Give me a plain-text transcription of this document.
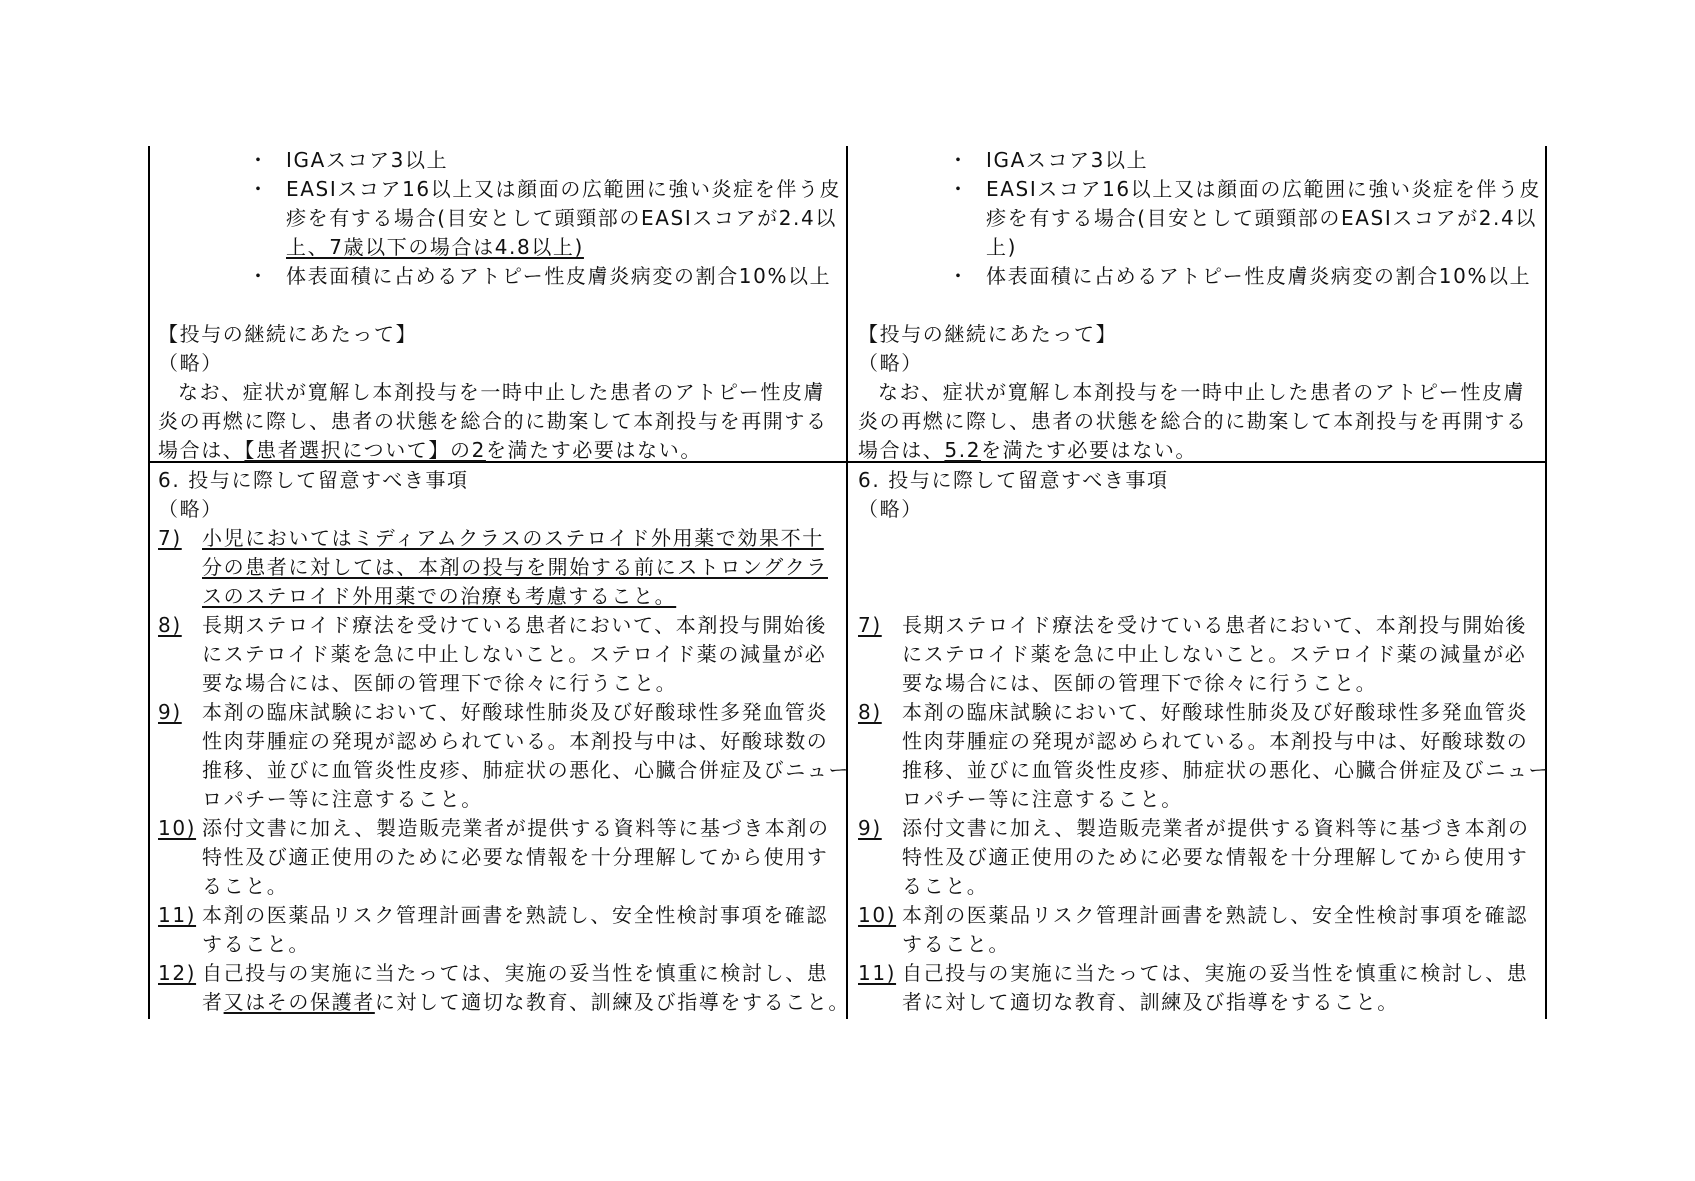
・ IGAスコア3以上
・ EASIスコア16以上又は顔面の広範囲に強い炎症を伴う皮
疹を有する場合(目安として頭頸部のEASIスコアが2.4以
上、7歳以下の場合は4.8以上)
・ 体表面積に占めるアトピー性皮膚炎病変の割合10%以上
【投与の継続にあたって】
（略）
なお、症状が寛解し本剤投与を一時中止した患者のアトピー性皮膚
炎の再燃に際し、患者の状態を総合的に勘案して本剤投与を再開する
場合は、【患者選択について】の2を満たす必要はない。
6. 投与に際して留意すべき事項
（略）
7) 小児においてはミディアムクラスのステロイド外用薬で効果不十
分の患者に対しては、本剤の投与を開始する前にストロングクラ
スのステロイド外用薬での治療も考慮すること。
8) 長期ステロイド療法を受けている患者において、本剤投与開始後
にステロイド薬を急に中止しないこと。ステロイド薬の減量が必
要な場合には、医師の管理下で徐々に行うこと。
9) 本剤の臨床試験において、好酸球性肺炎及び好酸球性多発血管炎
性肉芽腫症の発現が認められている。本剤投与中は、好酸球数の
推移、並びに血管炎性皮疹、肺症状の悪化、心臓合併症及びニュー
ロパチー等に注意すること。
10) 添付文書に加え、製造販売業者が提供する資料等に基づき本剤の
特性及び適正使用のために必要な情報を十分理解してから使用す
ること。
11) 本剤の医薬品リスク管理計画書を熟読し、安全性検討事項を確認
すること。
12) 自己投与の実施に当たっては、実施の妥当性を慎重に検討し、患
者又はその保護者に対して適切な教育、訓練及び指導をすること。
・ IGAスコア3以上
・ EASIスコア16以上又は顔面の広範囲に強い炎症を伴う皮
疹を有する場合(目安として頭頸部のEASIスコアが2.4以
上)
・ 体表面積に占めるアトピー性皮膚炎病変の割合10%以上
【投与の継続にあたって】
（略）
なお、症状が寛解し本剤投与を一時中止した患者のアトピー性皮膚
炎の再燃に際し、患者の状態を総合的に勘案して本剤投与を再開する
場合は、5.2を満たす必要はない。
6. 投与に際して留意すべき事項
（略）
7) 長期ステロイド療法を受けている患者において、本剤投与開始後
にステロイド薬を急に中止しないこと。ステロイド薬の減量が必
要な場合には、医師の管理下で徐々に行うこと。
8) 本剤の臨床試験において、好酸球性肺炎及び好酸球性多発血管炎
性肉芽腫症の発現が認められている。本剤投与中は、好酸球数の
推移、並びに血管炎性皮疹、肺症状の悪化、心臓合併症及びニュー
ロパチー等に注意すること。
9) 添付文書に加え、製造販売業者が提供する資料等に基づき本剤の
特性及び適正使用のために必要な情報を十分理解してから使用す
ること。
10) 本剤の医薬品リスク管理計画書を熟読し、安全性検討事項を確認
すること。
11) 自己投与の実施に当たっては、実施の妥当性を慎重に検討し、患
者に対して適切な教育、訓練及び指導をすること。
